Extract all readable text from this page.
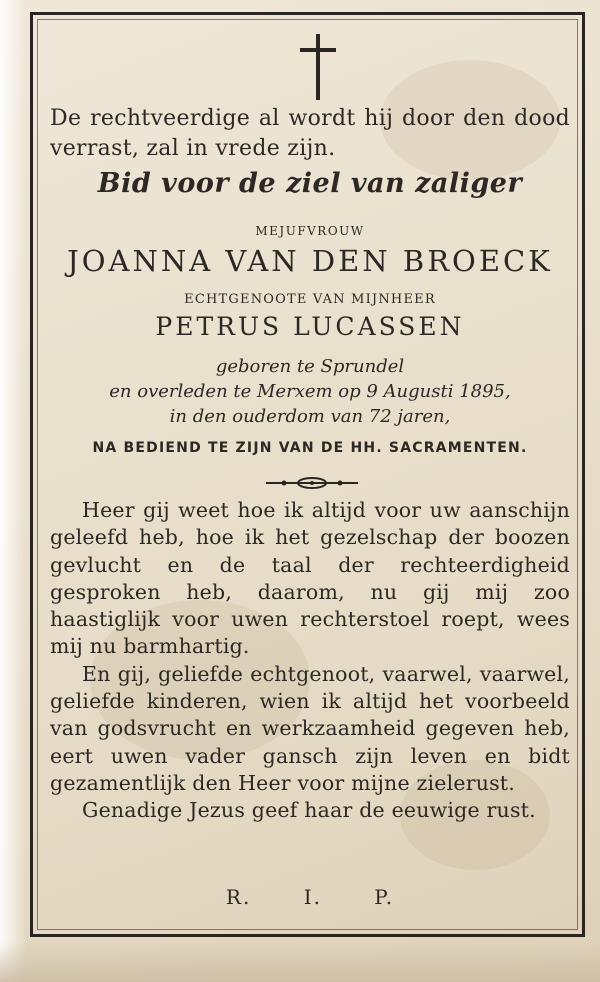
De rechtveerdige al wordt hij door den dood verrast, zal in vrede zijn.
Bid voor de ziel van zaliger
MEJUFVROUW
JOANNA VAN DEN BROECK
ECHTGENOOTE VAN MIJNHEER
PETRUS LUCASSEN
geboren te Sprundel
en overleden te Merxem op 9 Augusti 1895,
in den ouderdom van 72 jaren,
NA BEDIEND TE ZIJN VAN DE HH. SACRAMENTEN.

Heer gij weet hoe ik altijd voor uw aanschijn geleefd heb, hoe ik het gezelschap der boozen gevlucht en de taal der rechteerdigheid gesproken heb, daarom, nu gij mij zoo haastiglijk voor uwen rechterstoel roept, wees mij nu barmhartig.

En gij, geliefde echtgenoot, vaarwel, vaarwel, geliefde kinderen, wien ik altijd het voorbeeld van godsvrucht en werkzaamheid gegeven heb, eert uwen vader gansch zijn leven en bidt gezamentlijk den Heer voor mijne zielerust.

Genadige Jezus geef haar de eeuwige rust.

R. I. P.
